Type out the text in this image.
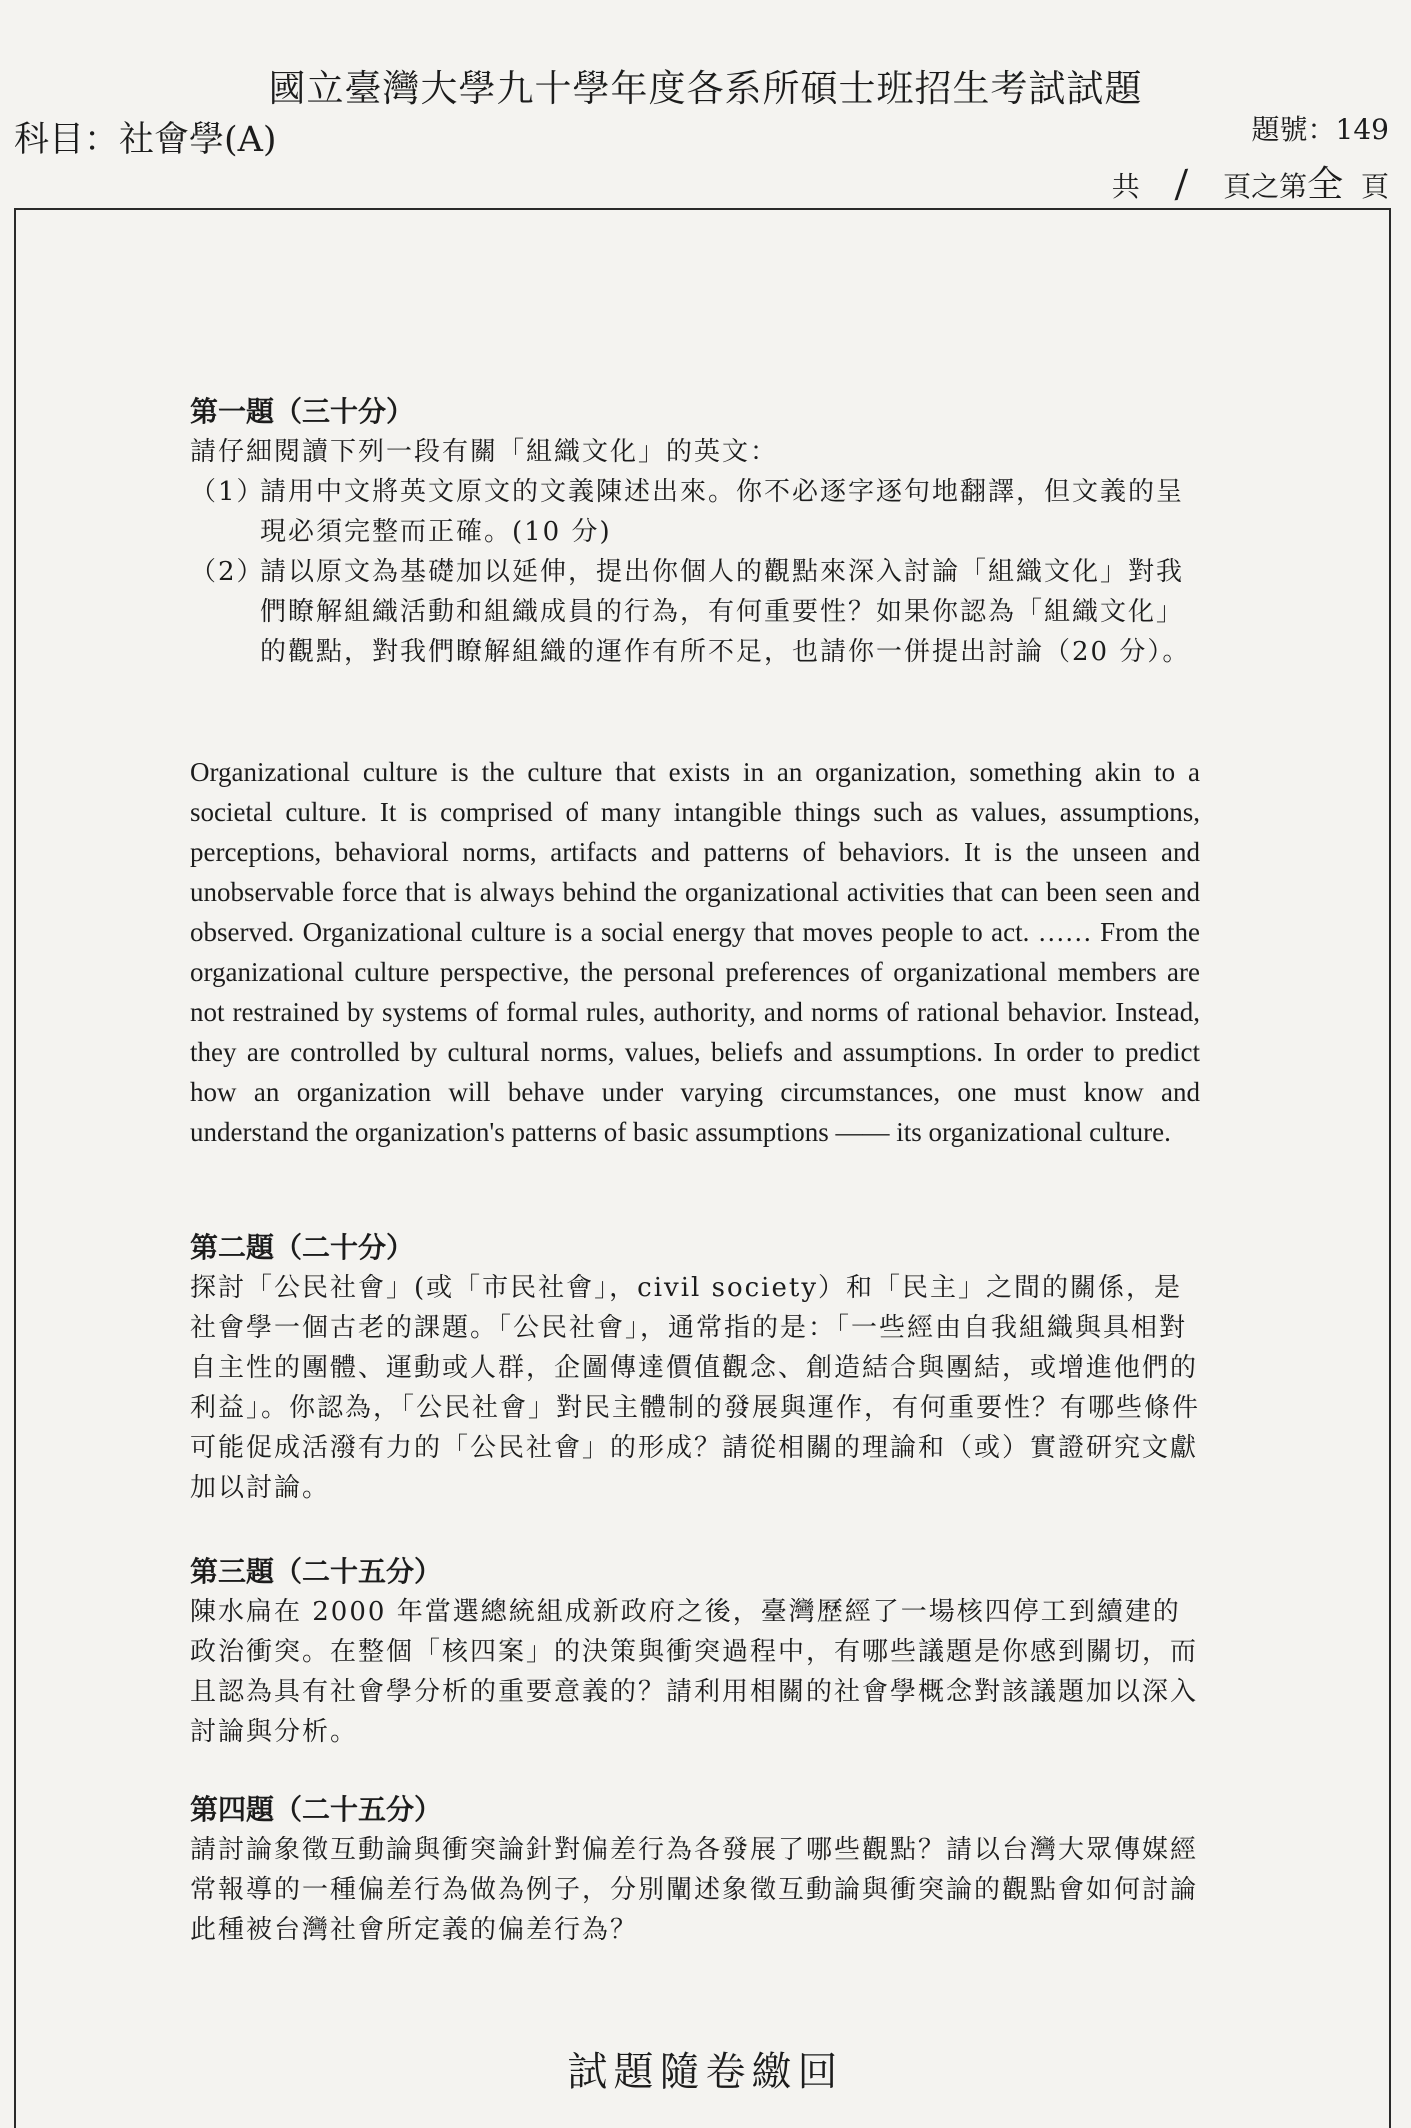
國立臺灣大學九十學年度各系所碩士班招生考試試題
科目：社會學(A)	題號：149
共 / 頁之第全 頁

第一題（三十分）

請仔細閱讀下列一段有關「組織文化」的英文：

（1）
請用中文將英文原文的文義陳述出來。你不必逐字逐句地翻譯，但文義的呈現必須完整而正確。(10 分)
（2）
請以原文為基礎加以延伸，提出你個人的觀點來深入討論「組織文化」對我們瞭解組織活動和組織成員的行為，有何重要性？如果你認為「組織文化」的觀點，對我們瞭解組織的運作有所不足，也請你一併提出討論（20 分）。

Organizational culture is the culture that exists in an organization, something akin to a societal culture. It is comprised of many intangible things such as values, assumptions, perceptions, behavioral norms, artifacts and patterns of behaviors. It is the unseen and unobservable force that is always behind the organizational activities that can been seen and observed. Organizational culture is a social energy that moves people to act. …… From the organizational culture perspective, the personal preferences of organizational members are not restrained by systems of formal rules, authority, and norms of rational behavior. Instead, they are controlled by cultural norms, values, beliefs and assumptions. In order to predict how an organization will behave under varying circumstances, one must know and understand the organization's patterns of basic assumptions —— its organizational culture.

第二題（二十分）

探討「公民社會」(或「市民社會」，civil society）和「民主」之間的關係，是社會學一個古老的課題。「公民社會」，通常指的是：「一些經由自我組織與具相對自主性的團體、運動或人群，企圖傳達價值觀念、創造結合與團結，或增進他們的利益」。你認為，「公民社會」對民主體制的發展與運作，有何重要性？有哪些條件可能促成活潑有力的「公民社會」的形成？請從相關的理論和（或）實證研究文獻加以討論。

第三題（二十五分）

陳水扁在 2000 年當選總統組成新政府之後，臺灣歷經了一場核四停工到續建的政治衝突。在整個「核四案」的決策與衝突過程中，有哪些議題是你感到關切，而且認為具有社會學分析的重要意義的？請利用相關的社會學概念對該議題加以深入討論與分析。

第四題（二十五分）

請討論象徵互動論與衝突論針對偏差行為各發展了哪些觀點？請以台灣大眾傳媒經常報導的一種偏差行為做為例子，分別闡述象徵互動論與衝突論的觀點會如何討論此種被台灣社會所定義的偏差行為？

試題隨卷繳回
